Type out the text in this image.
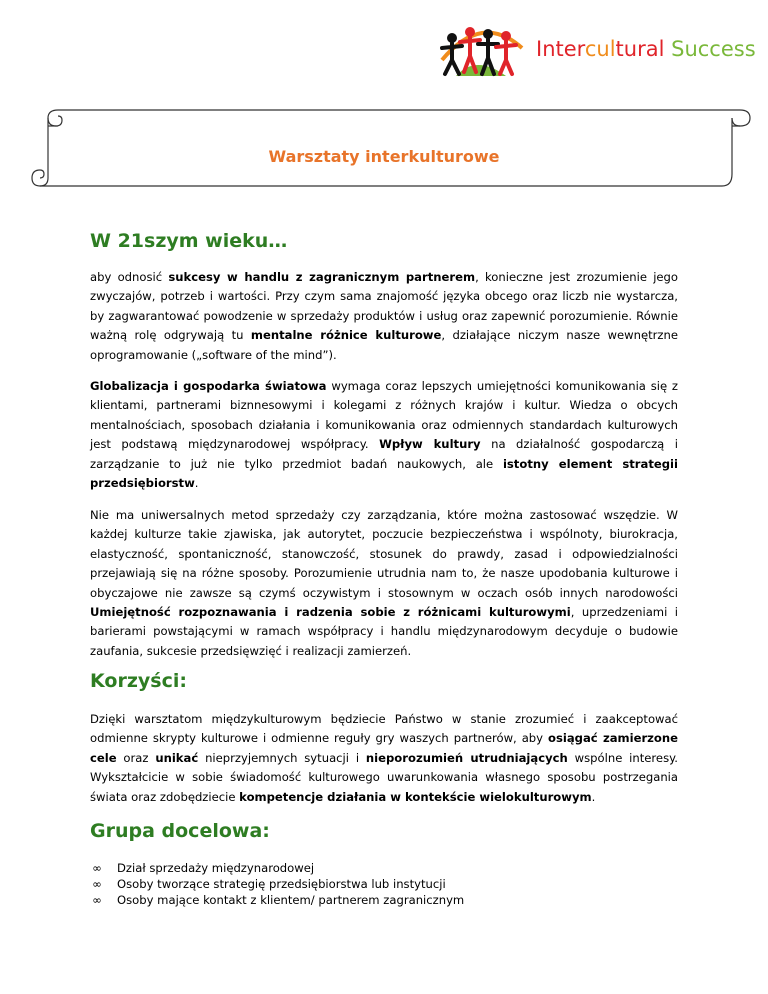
Intercultural Success
Warsztaty interkulturowe
W 21szym wieku…

aby odnosić sukcesy w handlu z zagranicznym partnerem, konieczne jest zrozumienie jego zwyczajów, potrzeb i wartości. Przy czym sama znajomość języka obcego oraz liczb nie wystarcza, by zagwarantować powodzenie w sprzedaży produktów i usług oraz zapewnić porozumienie. Równie ważną rolę odgrywają tu mentalne różnice kulturowe, działające niczym nasze wewnętrzne oprogramowanie („software of the mind”).

Globalizacja i gospodarka światowa wymaga coraz lepszych umiejętności komunikowania się z klientami, partnerami biznnesowymi i kolegami z różnych krajów i kultur. Wiedza o obcych mentalnościach, sposobach działania i komunikowania oraz odmiennych standardach kulturowych jest podstawą międzynarodowej współpracy. Wpływ kultury na działalność gospodarczą i zarządzanie to już nie tylko przedmiot badań naukowych, ale istotny element strategii przedsiębiorstw.

Nie ma uniwersalnych metod sprzedaży czy zarządzania, które można zastosować wszędzie. W każdej kulturze takie zjawiska, jak autorytet, poczucie bezpieczeństwa i wspólnoty, biurokracja, elastyczność, spontaniczność, stanowczość, stosunek do prawdy, zasad i odpowiedzialności przejawiają się na różne sposoby. Porozumienie utrudnia nam to, że nasze upodobania kulturowe i obyczajowe nie zawsze są czymś oczywistym i stosownym w oczach osób innych narodowości Umiejętność rozpoznawania i radzenia sobie z różnicami kulturowymi, uprzedzeniami i barierami powstającymi w ramach współpracy i handlu międzynarodowym decyduje o budowie zaufania, sukcesie przedsięwzięć i realizacji zamierzeń.

Korzyści:

Dzięki warsztatom międzykulturowym będziecie Państwo w stanie zrozumieć i zaakceptować odmienne skrypty kulturowe i odmienne reguły gry waszych partnerów, aby osiągać zamierzone cele oraz unikać nieprzyjemnych sytuacji i nieporozumień utrudniających wspólne interesy. Wykształcicie w sobie świadomość kulturowego uwarunkowania własnego sposobu postrzegania świata oraz zdobędziecie kompetencje działania w kontekście wielokulturowym.

Grupa docelowa:
∞ Dział sprzedaży międzynarodowej
∞ Osoby tworzące strategię przedsiębiorstwa lub instytucji
∞ Osoby mające kontakt z klientem/ partnerem zagranicznym
